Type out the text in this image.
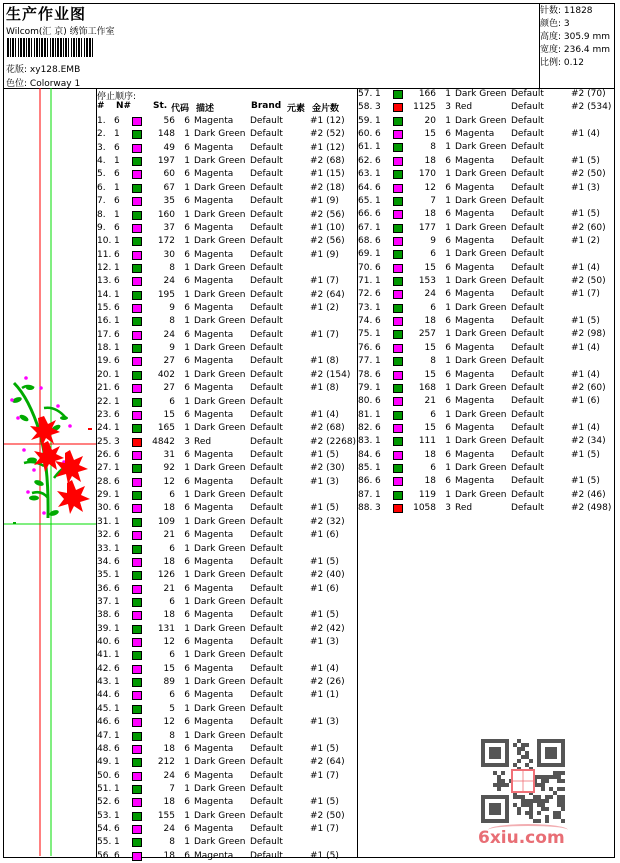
生产作业图
Wilcom(汇 京) 绣饰工作室
花版: xy128.EMB
色位: Colorway 1
针数: 11828
颜色: 3
高度: 305.9 mm
宽度: 236.4 mm
比例: 0.12
停止顺序:
# N# St. 代码 描述	Brand 元素 金片数
1. 6	56	6 Magenta Default	#1 (12)
2. 1	148	1 Dark Green Default	#2 (52)
3. 6	49	6 Magenta Default	#1 (12)
4. 1	197	1 Dark Green Default	#2 (68)
5. 6	60	6 Magenta Default	#1 (15)
6. 1	67	1 Dark Green Default	#2 (18)
7. 6	35	6 Magenta Default	#1 (9)
8. 1	160	1 Dark Green Default	#2 (56)
9. 6	37	6 Magenta Default	#1 (10)
10. 1	172	1 Dark Green Default	#2 (56)
11. 6	30	6 Magenta Default	#1 (9)
12. 1	8	1 Dark Green Default
13. 6	24	6 Magenta Default	#1 (7)
14. 1	195	1 Dark Green Default	#2 (64)
15. 6	9	6 Magenta Default	#1 (2)
16. 1	8	1 Dark Green Default
17. 6	24	6 Magenta Default	#1 (7)
18. 1	9	1 Dark Green Default
19. 6	27	6 Magenta Default	#1 (8)
20. 1	402	1 Dark Green Default	#2 (154)
21. 6	27	6 Magenta Default	#1 (8)
22. 1	6	1 Dark Green Default
23. 6	15	6 Magenta Default	#1 (4)
24. 1	165	1 Dark Green Default	#2 (68)
25. 3	4842	3 Red	Default	#2 (2268)
26. 6	31	6 Magenta Default	#1 (5)
27. 1	92	1 Dark Green Default	#2 (30)
28. 6	12	6 Magenta Default	#1 (3)
29. 1	6	1 Dark Green Default
30. 6	18	6 Magenta Default	#1 (5)
31. 1	109	1 Dark Green Default	#2 (32)
32. 6	21	6 Magenta Default	#1 (6)
33. 1	6	1 Dark Green Default
34. 6	18	6 Magenta Default	#1 (5)
35. 1	126	1 Dark Green Default	#2 (40)
36. 6	21	6 Magenta Default	#1 (6)
37. 1	6	1 Dark Green Default
38. 6	18	6 Magenta Default	#1 (5)
39. 1	131	1 Dark Green Default	#2 (42)
40. 6	12	6 Magenta Default	#1 (3)
41. 1	6	1 Dark Green Default
42. 6	15	6 Magenta Default	#1 (4)
43. 1	89	1 Dark Green Default	#2 (26)
44. 6	6	6 Magenta Default	#1 (1)
45. 1	5	1 Dark Green Default
46. 6	12	6 Magenta Default	#1 (3)
47. 1	8	1 Dark Green Default
48. 6	18	6 Magenta Default	#1 (5)
49. 1	212	1 Dark Green Default	#2 (64)
50. 6	24	6 Magenta Default	#1 (7)
51. 1	7	1 Dark Green Default
52. 6	18	6 Magenta Default	#1 (5)
53. 1	155	1 Dark Green Default	#2 (50)
54. 6	24	6 Magenta Default	#1 (7)
55. 1	8	1 Dark Green Default
56. 6	18	6 Magenta Default	#1 (5)
57. 1	166	1 Dark Green Default	#2 (70)
58. 3	1125	3 Red	Default	#2 (534)
59. 1	20	1 Dark Green Default
60. 6	15	6 Magenta Default	#1 (4)
61. 1	8	1 Dark Green Default
62. 6	18	6 Magenta Default	#1 (5)
63. 1	170	1 Dark Green Default	#2 (50)
64. 6	12	6 Magenta Default	#1 (3)
65. 1	7	1 Dark Green Default
66. 6	18	6 Magenta Default	#1 (5)
67. 1	177	1 Dark Green Default	#2 (60)
68. 6	9	6 Magenta Default	#1 (2)
69. 1	6	1 Dark Green Default
70. 6	15	6 Magenta Default	#1 (4)
71. 1	153	1 Dark Green Default	#2 (50)
72. 6	24	6 Magenta Default	#1 (7)
73. 1	6	1 Dark Green Default
74. 6	18	6 Magenta Default	#1 (5)
75. 1	257	1 Dark Green Default	#2 (98)
76. 6	15	6 Magenta Default	#1 (4)
77. 1	8	1 Dark Green Default
78. 6	15	6 Magenta Default	#1 (4)
79. 1	168	1 Dark Green Default	#2 (60)
80. 6	21	6 Magenta Default	#1 (6)
81. 1	6	1 Dark Green Default
82. 6	15	6 Magenta Default	#1 (4)
83. 1	111	1 Dark Green Default	#2 (34)
84. 6	18	6 Magenta Default	#1 (5)
85. 1	6	1 Dark Green Default
86. 6	18	6 Magenta Default	#1 (5)
87. 1	119	1 Dark Green Default	#2 (46)
88. 3	1058	3 Red	Default	#2 (498)
6xiu.com
